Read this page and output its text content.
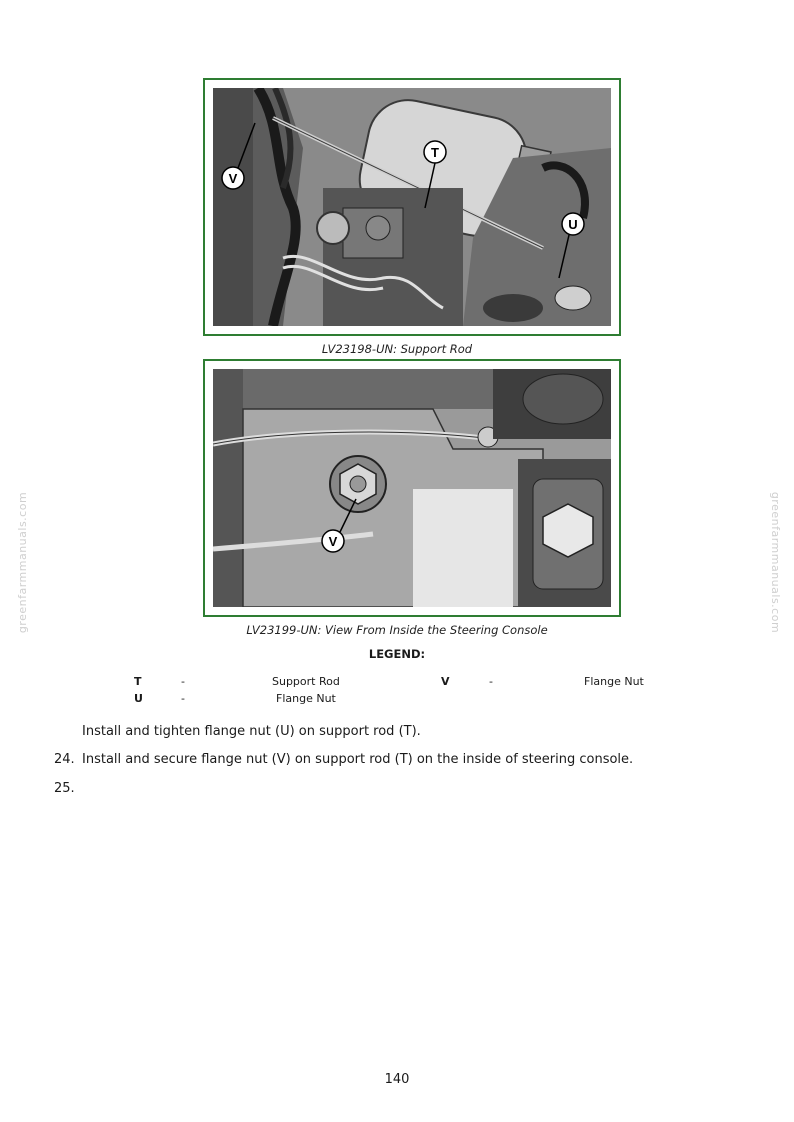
greenfarmmanuals.com	greenfarmmanuals.com
T
V
U
LV23198-UN: Support Rod
V
LV23199-UN: View From Inside the Steering Console
LEGEND:
T	-	Support Rod	V	-	Flange Nut
U	-	Flange Nut
Install and tighten flange nut (U) on support rod (T).
24. Install and secure flange nut (V) on support rod (T) on the inside of steering console.
25.
140
